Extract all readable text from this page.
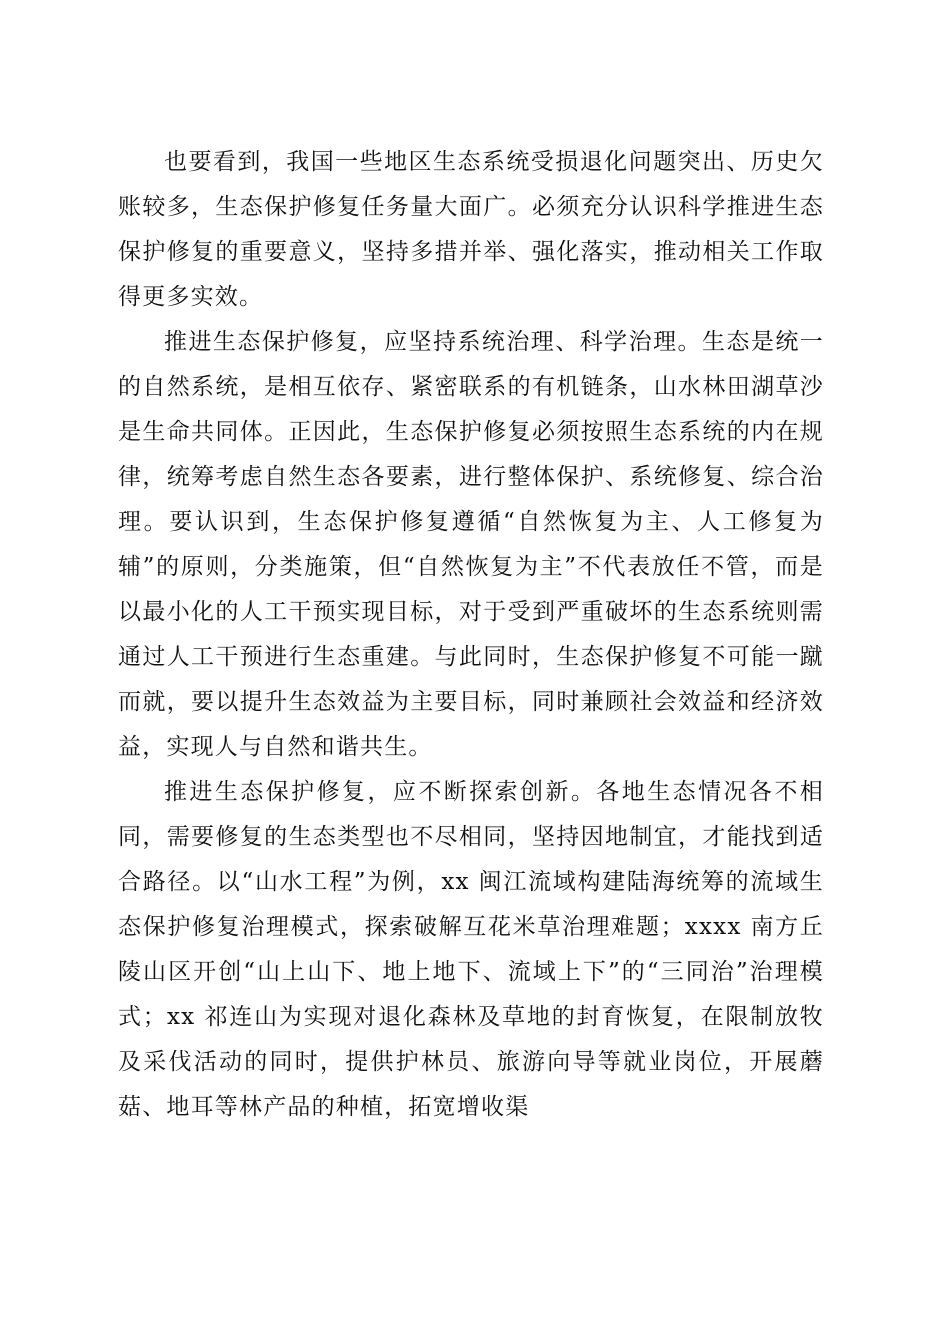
也要看到，我国一些地区生态系统受损退化问题突出、历史欠账较多，生态保护修复任务量大面广。必须充分认识科学推进生态保护修复的重要意义，坚持多措并举、强化落实，推动相关工作取得更多实效。

推进生态保护修复，应坚持系统治理、科学治理。生态是统一的自然系统，是相互依存、紧密联系的有机链条，山水林田湖草沙是生命共同体。正因此，生态保护修复必须按照生态系统的内在规律，统筹考虑自然生态各要素，进行整体保护、系统修复、综合治理。要认识到，生态保护修复遵循“自然恢复为主、人工修复为辅”的原则，分类施策，但“自然恢复为主”不代表放任不管，而是以最小化的人工干预实现目标，对于受到严重破坏的生态系统则需通过人工干预进行生态重建。与此同时，生态保护修复不可能一蹴而就，要以提升生态效益为主要目标，同时兼顾社会效益和经济效益，实现人与自然和谐共生。

推进生态保护修复，应不断探索创新。各地生态情况各不相同，需要修复的生态类型也不尽相同，坚持因地制宜，才能找到适合路径。以“山水工程”为例，xx 闽江流域构建陆海统筹的流域生态保护修复治理模式，探索破解互花米草治理难题；xxxx 南方丘陵山区开创“山上山下、地上地下、流域上下”的“三同治”治理模式；xx 祁连山为实现对退化森林及草地的封育恢复，在限制放牧及采伐活动的同时，提供护林员、旅游向导等就业岗位，开展蘑菇、地耳等林产品的种植，拓宽增收渠
